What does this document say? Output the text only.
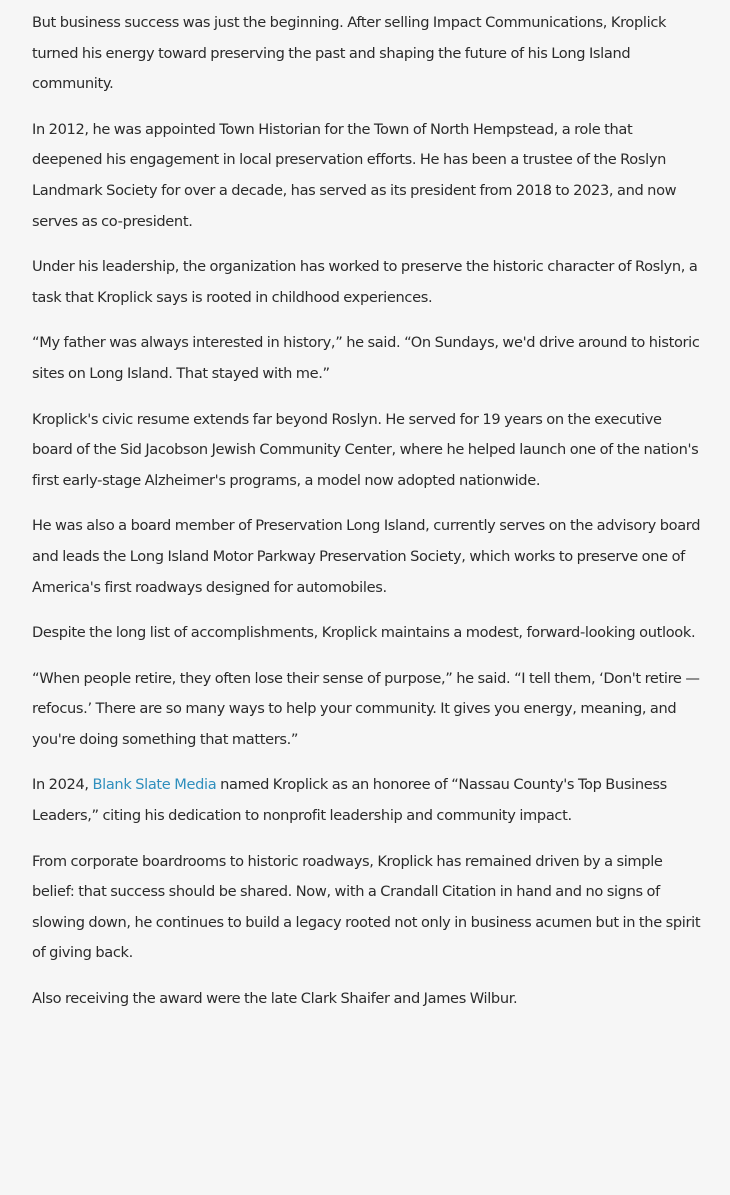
But business success was just the beginning. After selling Impact Communications, Kroplick turned his energy toward preserving the past and shaping the future of his Long Island community.

In 2012, he was appointed Town Historian for the Town of North Hempstead, a role that deepened his engagement in local preservation efforts. He has been a trustee of the Roslyn Landmark Society for over a decade, has served as its president from 2018 to 2023, and now serves as co-president.

Under his leadership, the organization has worked to preserve the historic character of Roslyn, a task that Kroplick says is rooted in childhood experiences.

“My father was always interested in history,” he said. “On Sundays, we'd drive around to historic sites on Long Island. That stayed with me.”

Kroplick's civic resume extends far beyond Roslyn. He served for 19 years on the executive board of the Sid Jacobson Jewish Community Center, where he helped launch one of the nation's first early-stage Alzheimer's programs, a model now adopted nationwide.

He was also a board member of Preservation Long Island, currently serves on the advisory board and leads the Long Island Motor Parkway Preservation Society, which works to preserve one of America's first roadways designed for automobiles.

Despite the long list of accomplishments, Kroplick maintains a modest, forward-looking outlook.

“When people retire, they often lose their sense of purpose,” he said. “I tell them, ‘Don't retire — refocus.’ There are so many ways to help your community. It gives you energy, meaning, and you're doing something that matters.”

In 2024, Blank Slate Media named Kroplick as an honoree of “Nassau County's Top Business Leaders,” citing his dedication to nonprofit leadership and community impact.

From corporate boardrooms to historic roadways, Kroplick has remained driven by a simple belief: that success should be shared. Now, with a Crandall Citation in hand and no signs of slowing down, he continues to build a legacy rooted not only in business acumen but in the spirit of giving back.

Also receiving the award were the late Clark Shaifer and James Wilbur.
